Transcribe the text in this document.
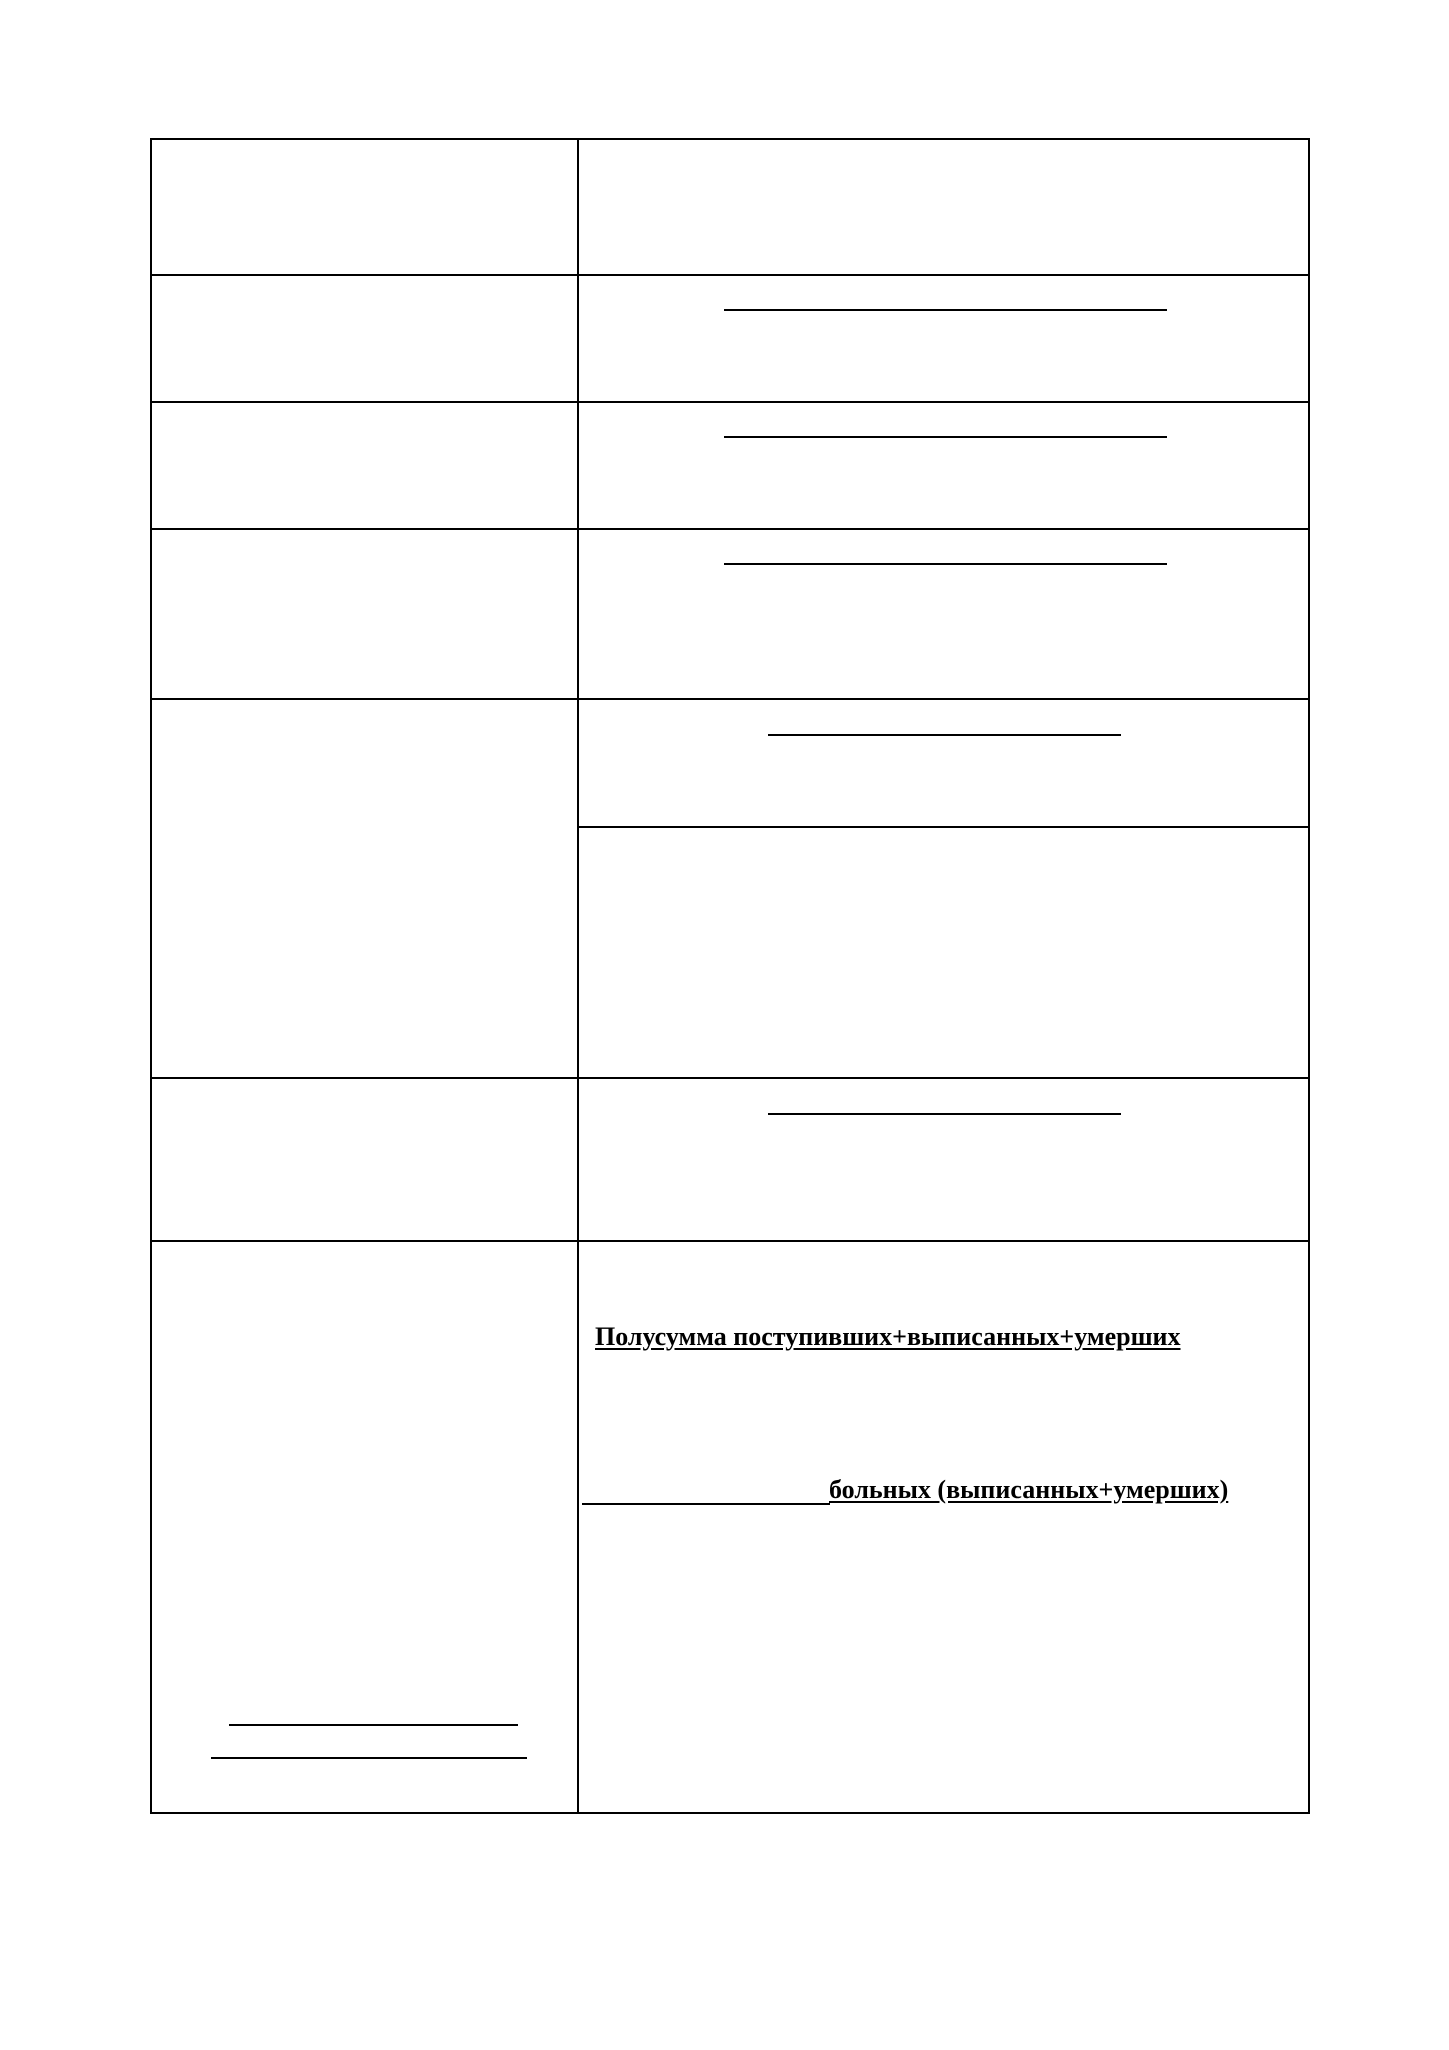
Полусумма поступивших+выписанных+умерших
больных (выписанных+умерших)
